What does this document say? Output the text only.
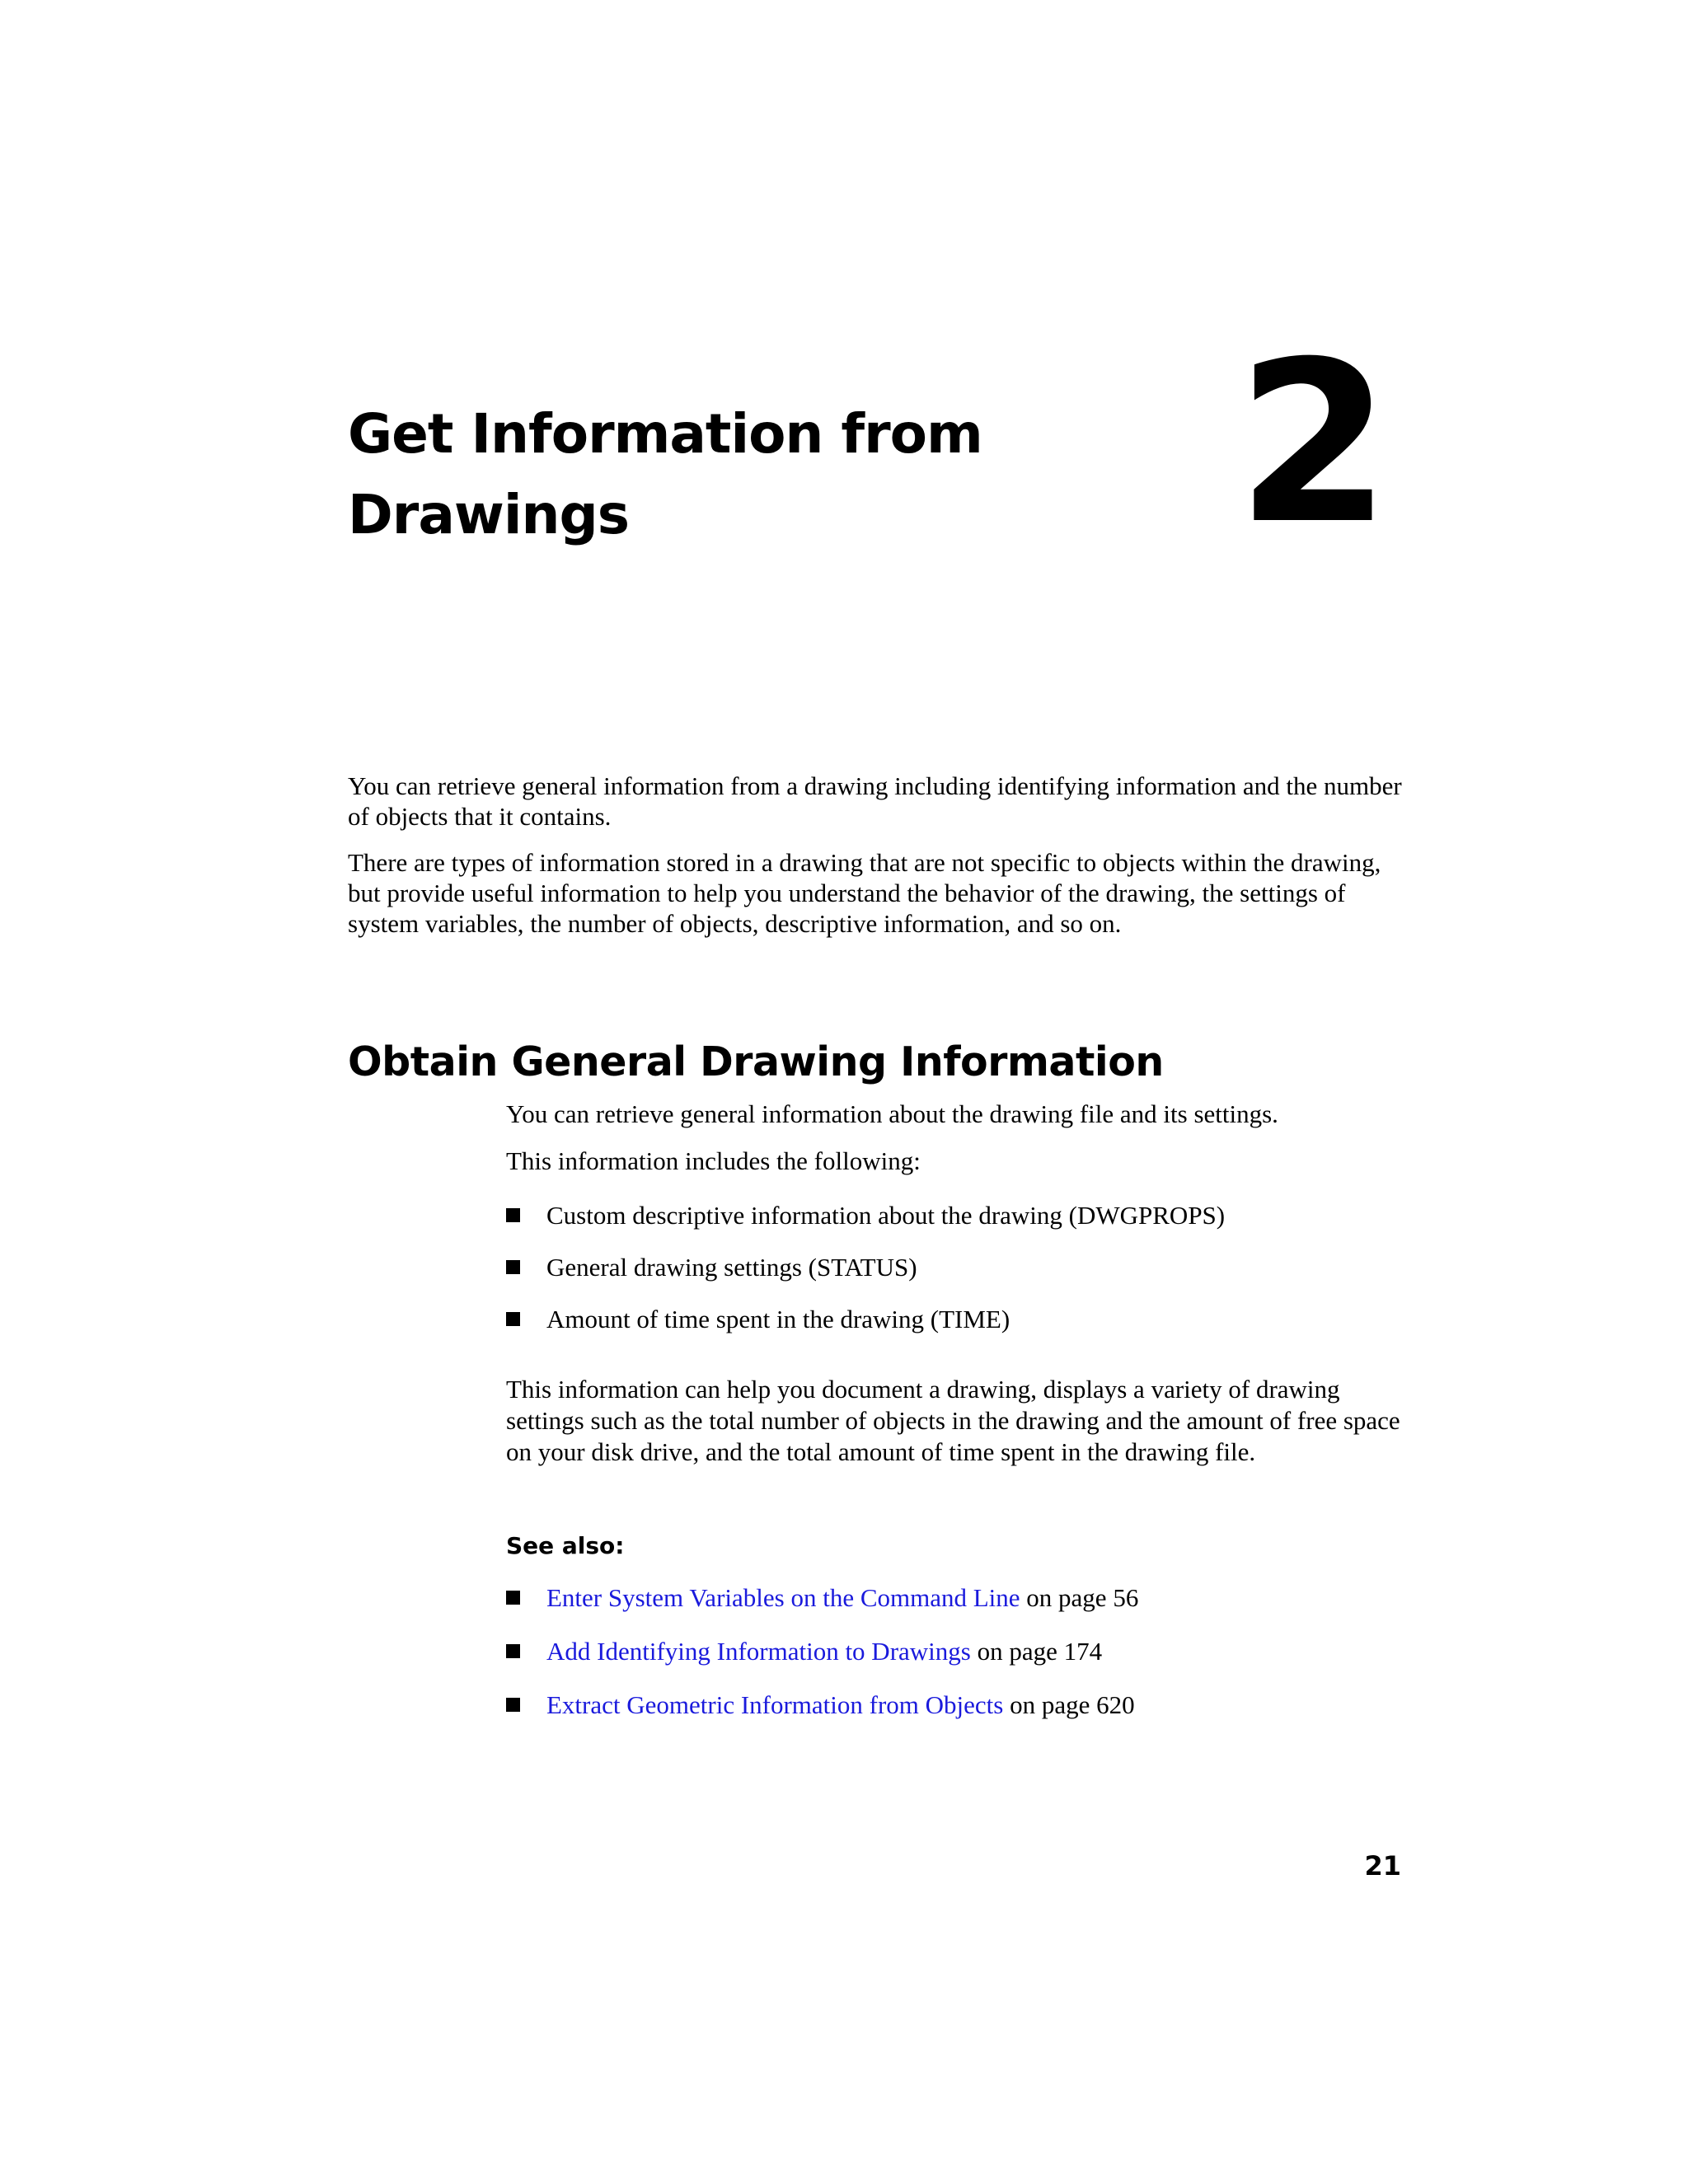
Get Information from
Drawings	2

You can retrieve general information from a drawing including identifying information and the number of objects that it contains.

There are types of information stored in a drawing that are not specific to objects within the drawing, but provide useful information to help you understand the behavior of the drawing, the settings of system variables, the number of objects, descriptive information, and so on.

Obtain General Drawing Information

You can retrieve general information about the drawing file and its settings.

This information includes the following:

Custom descriptive information about the drawing (DWGPROPS)
General drawing settings (STATUS)
Amount of time spent in the drawing (TIME)

This information can help you document a drawing, displays a variety of drawing settings such as the total number of objects in the drawing and the amount of free space on your disk drive, and the total amount of time spent in the drawing file.

See also:
Enter System Variables on the Command Line on page 56
Add Identifying Information to Drawings on page 174
Extract Geometric Information from Objects on page 620
21
